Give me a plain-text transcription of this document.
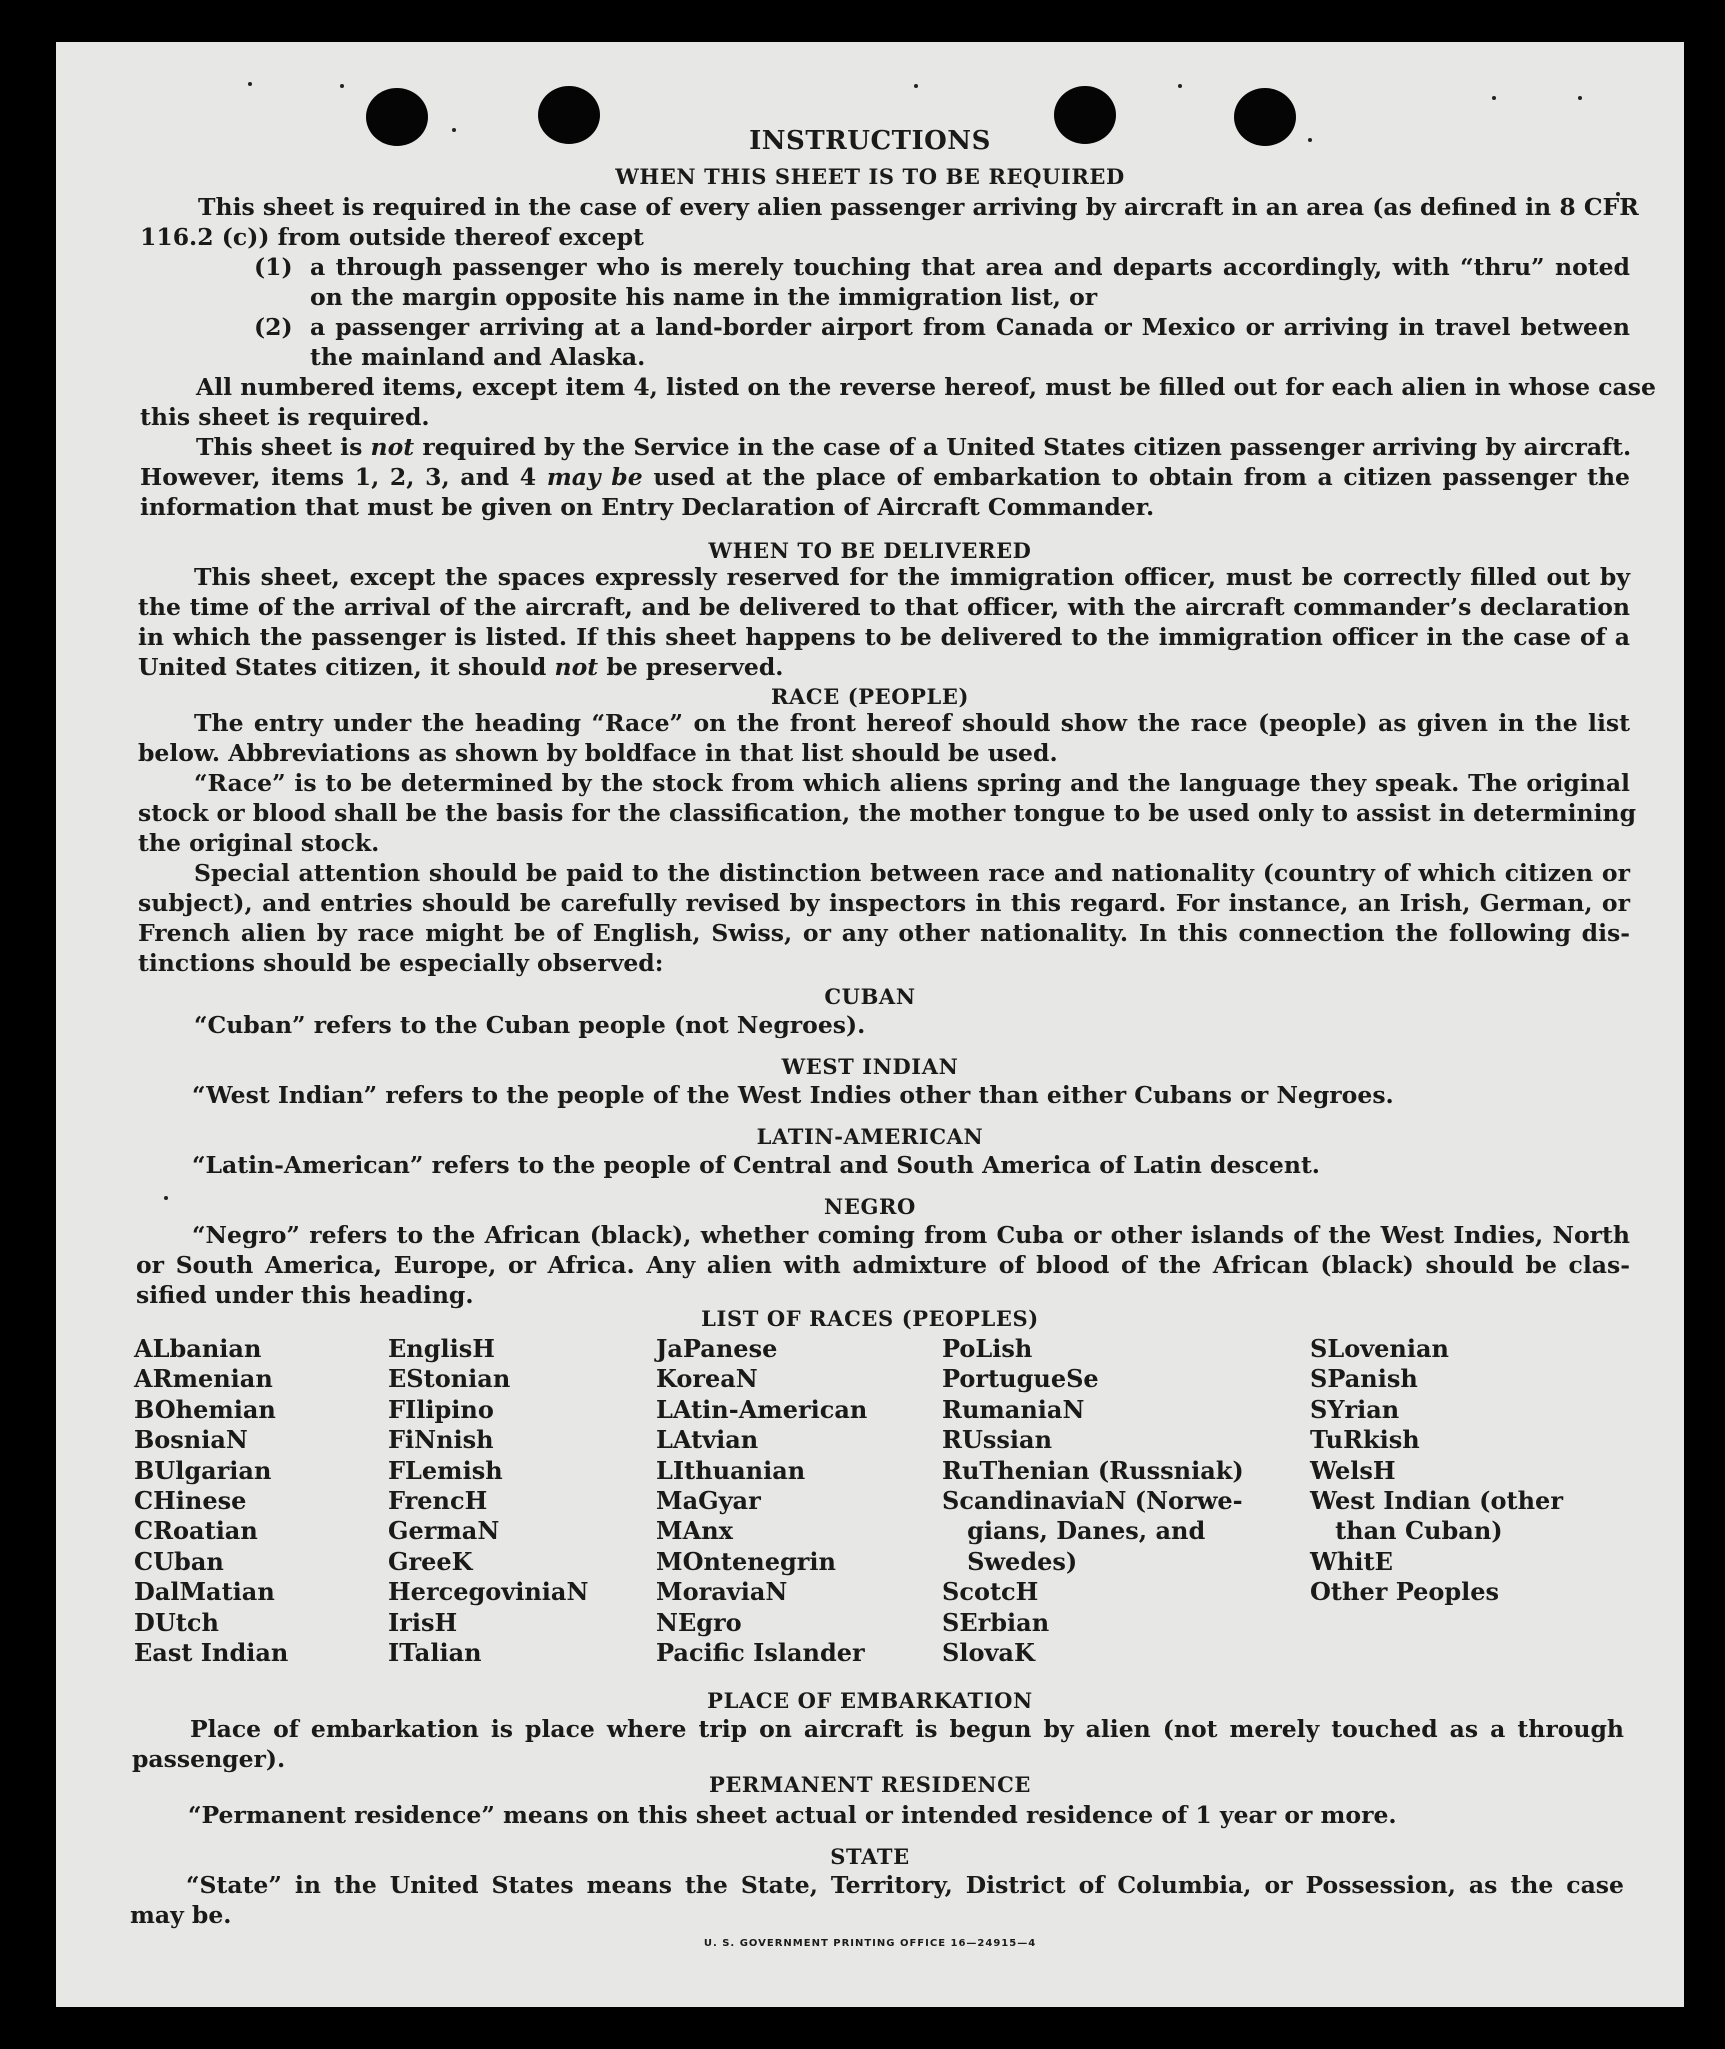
INSTRUCTIONS
WHEN THIS SHEET IS TO BE REQUIRED
This sheet is required in the case of every alien passenger arriving by aircraft in an area (as defined in 8 CFR
116.2 (c)) from outside thereof except
(1) a through passenger who is merely touching that area and departs accordingly, with “thru” noted
on the margin opposite his name in the immigration list, or
(2) a passenger arriving at a land-border airport from Canada or Mexico or arriving in travel between
the mainland and Alaska.
All numbered items, except item 4, listed on the reverse hereof, must be filled out for each alien in whose case
this sheet is required.
This sheet is not required by the Service in the case of a United States citizen passenger arriving by aircraft.
However, items 1, 2, 3, and 4 may be used at the place of embarkation to obtain from a citizen passenger the
information that must be given on Entry Declaration of Aircraft Commander.
WHEN TO BE DELIVERED
This sheet, except the spaces expressly reserved for the immigration officer, must be correctly filled out by
the time of the arrival of the aircraft, and be delivered to that officer, with the aircraft commander’s declaration
in which the passenger is listed. If this sheet happens to be delivered to the immigration officer in the case of a
United States citizen, it should not be preserved.
RACE (PEOPLE)
The entry under the heading “Race” on the front hereof should show the race (people) as given in the list
below. Abbreviations as shown by boldface in that list should be used.
“Race” is to be determined by the stock from which aliens spring and the language they speak. The original
stock or blood shall be the basis for the classification, the mother tongue to be used only to assist in determining
the original stock.
Special attention should be paid to the distinction between race and nationality (country of which citizen or
subject), and entries should be carefully revised by inspectors in this regard. For instance, an Irish, German, or
French alien by race might be of English, Swiss, or any other nationality. In this connection the following dis-
tinctions should be especially observed:
CUBAN
“Cuban” refers to the Cuban people (not Negroes).
WEST INDIAN
“West Indian” refers to the people of the West Indies other than either Cubans or Negroes.
LATIN-AMERICAN
“Latin-American” refers to the people of Central and South America of Latin descent.
NEGRO
“Negro” refers to the African (black), whether coming from Cuba or other islands of the West Indies, North
or South America, Europe, or Africa. Any alien with admixture of blood of the African (black) should be clas-
sified under this heading.
LIST OF RACES (PEOPLES)
ALbanian
ARmenian
BOhemian
BosniaN
BUlgarian
CHinese
CRoatian
CUban
DalMatian
DUtch
East Indian
EnglisH
EStonian
FIlipino
FiNnish
FLemish
FrencH
GermaN
GreeK
HercegoviniaN
IrisH
ITalian
JaPanese
KoreaN
LAtin-American
LAtvian
LIthuanian
MaGyar
MAnx
MOntenegrin
MoraviaN
NEgro
Pacific Islander
PoLish
PortugueSe
RumaniaN
RUssian
RuThenian (Russniak)
ScandinaviaN (Norwe-
gians, Danes, and
Swedes)
ScotcH
SErbian
SlovaK
SLovenian
SPanish
SYrian
TuRkish
WelsH
West Indian (other
than Cuban)
WhitE
Other Peoples
PLACE OF EMBARKATION
Place of embarkation is place where trip on aircraft is begun by alien (not merely touched as a through
passenger).
PERMANENT RESIDENCE
“Permanent residence” means on this sheet actual or intended residence of 1 year or more.
STATE
“State” in the United States means the State, Territory, District of Columbia, or Possession, as the case
may be.
U. S. GOVERNMENT PRINTING OFFICE 16—24915—4
